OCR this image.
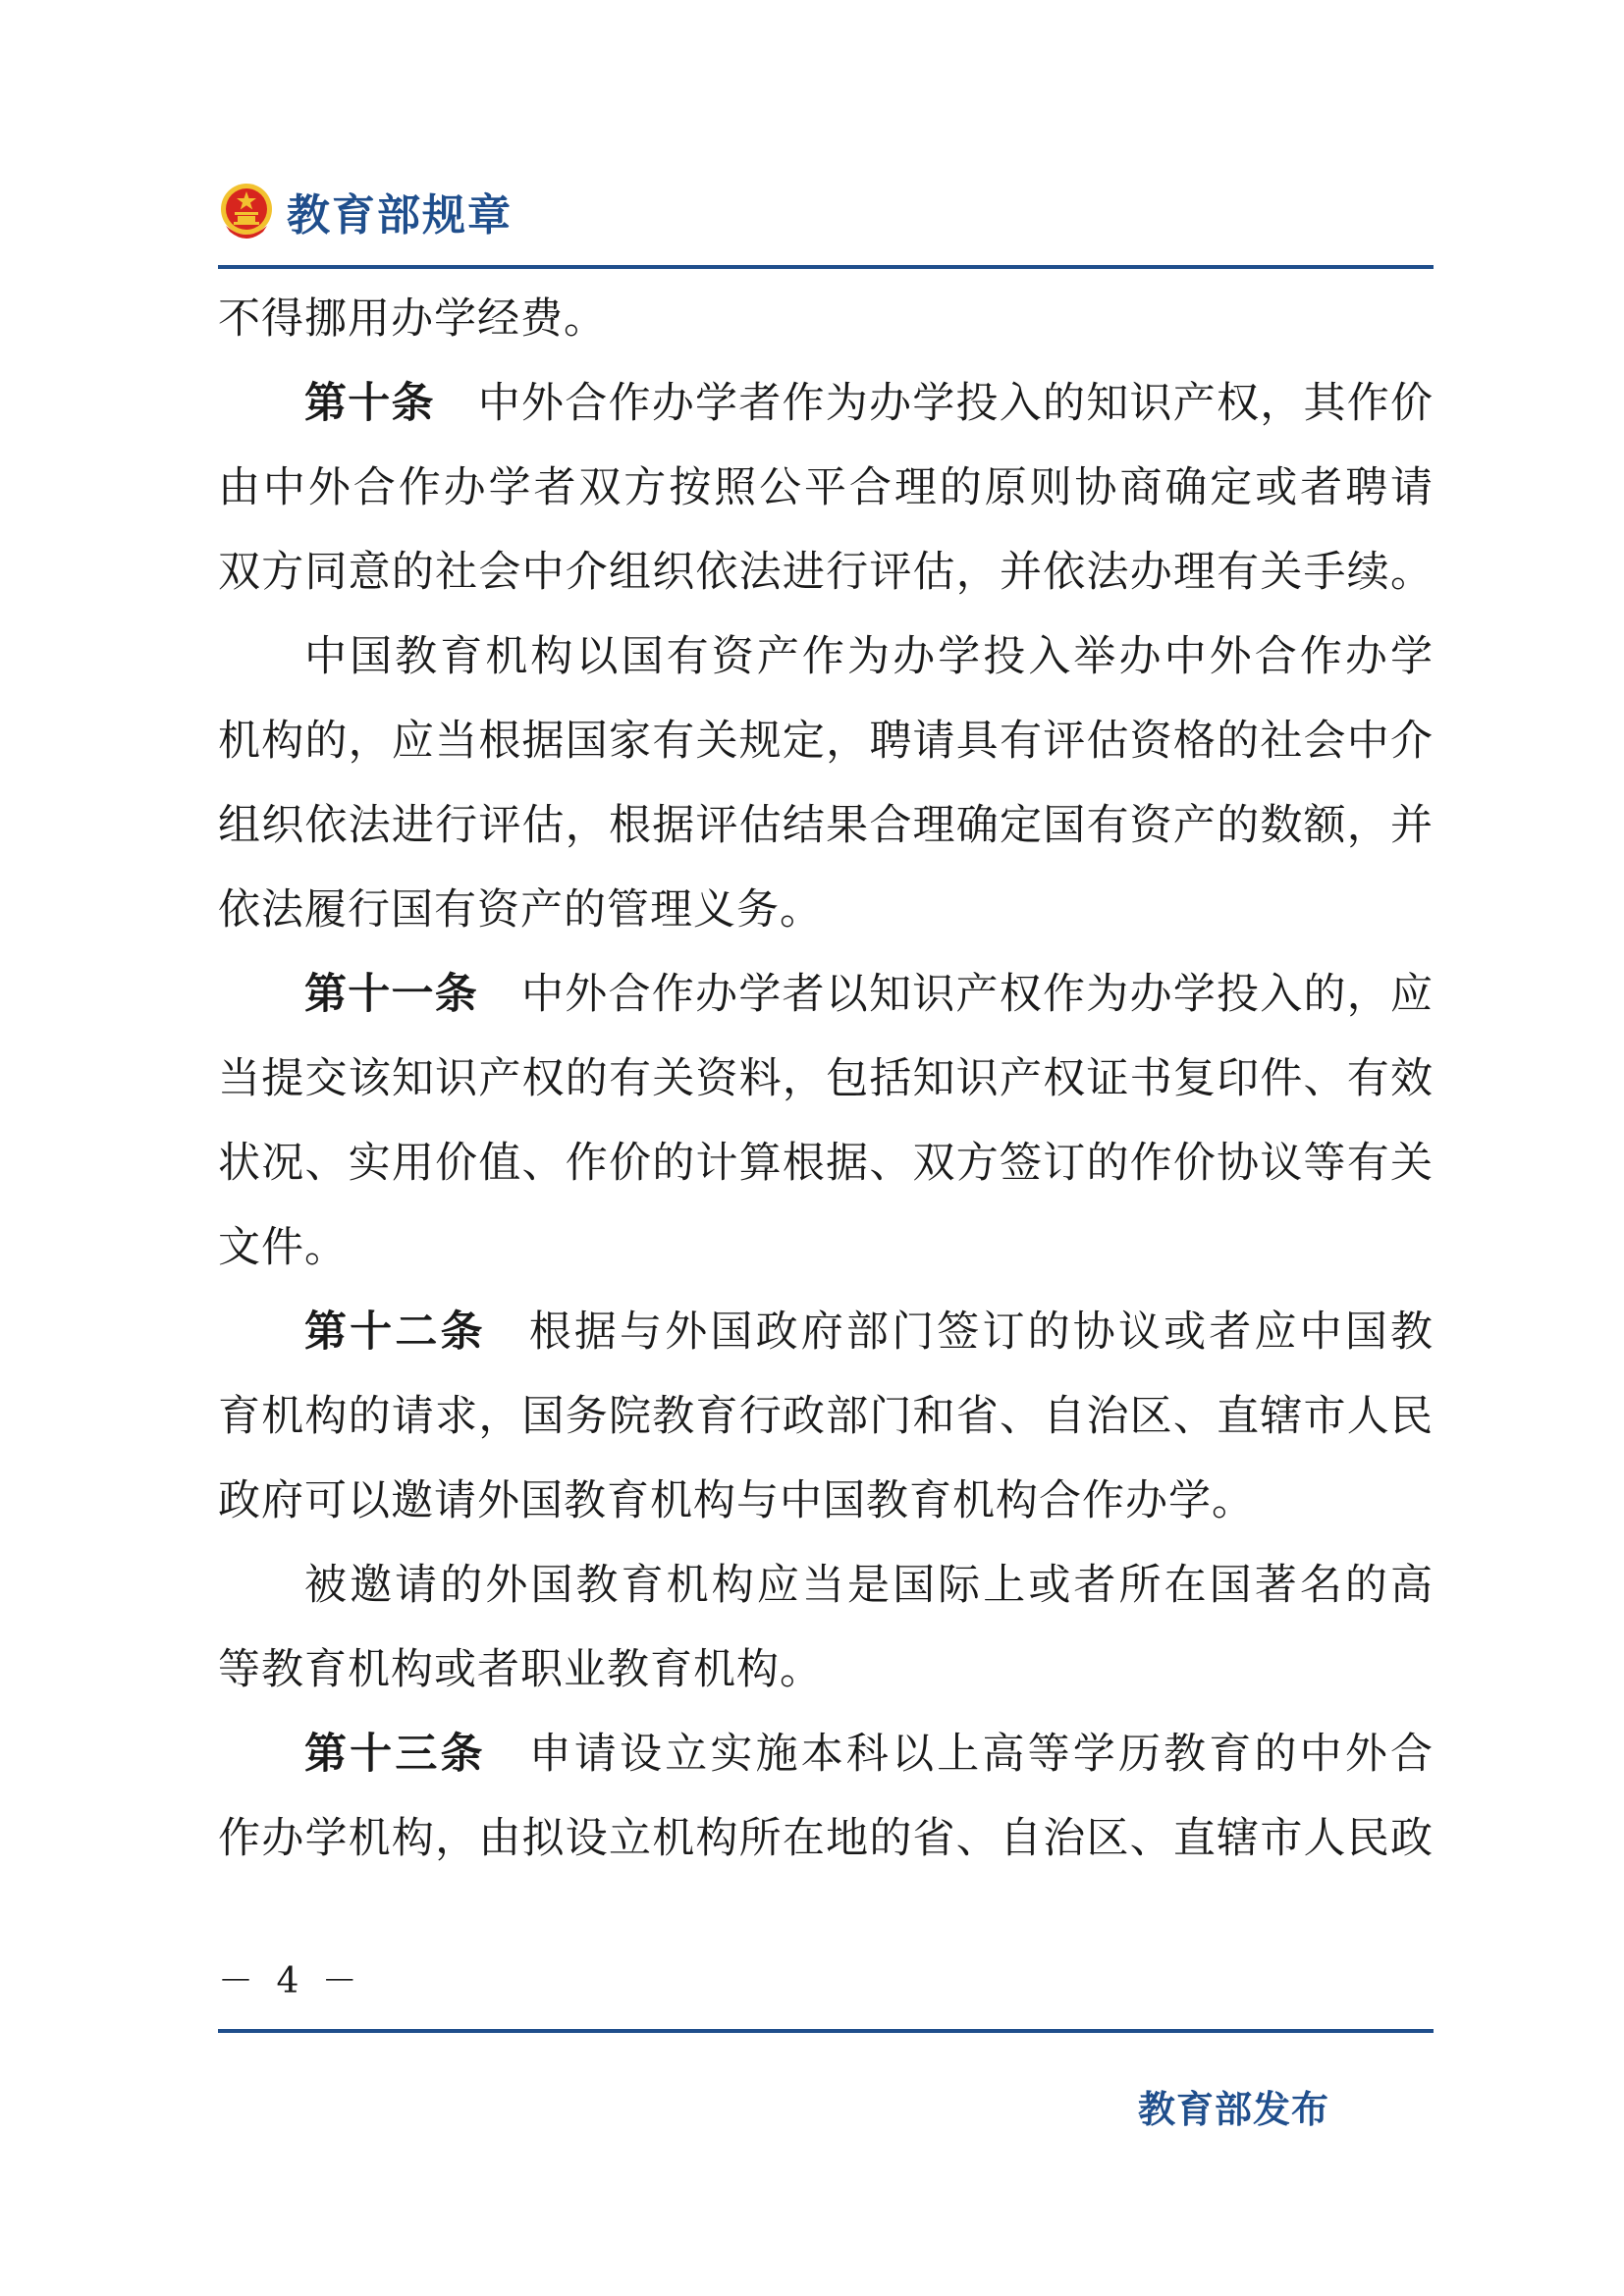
教育部规章
不得挪用办学经费。
第十条 中外合作办学者作为办学投入的知识产权，其作价
由中外合作办学者双方按照公平合理的原则协商确定或者聘请
双方同意的社会中介组织依法进行评估，并依法办理有关手续。
中国教育机构以国有资产作为办学投入举办中外合作办学
机构的，应当根据国家有关规定，聘请具有评估资格的社会中介
组织依法进行评估，根据评估结果合理确定国有资产的数额，并
依法履行国有资产的管理义务。
第十一条 中外合作办学者以知识产权作为办学投入的，应
当提交该知识产权的有关资料，包括知识产权证书复印件、有效
状况、实用价值、作价的计算根据、双方签订的作价协议等有关
文件。
第十二条 根据与外国政府部门签订的协议或者应中国教
育机构的请求，国务院教育行政部门和省、自治区、直辖市人民
政府可以邀请外国教育机构与中国教育机构合作办学。
被邀请的外国教育机构应当是国际上或者所在国著名的高
等教育机构或者职业教育机构。
第十三条 申请设立实施本科以上高等学历教育的中外合
作办学机构，由拟设立机构所在地的省、自治区、直辖市人民政
－ 4 －
教育部发布
